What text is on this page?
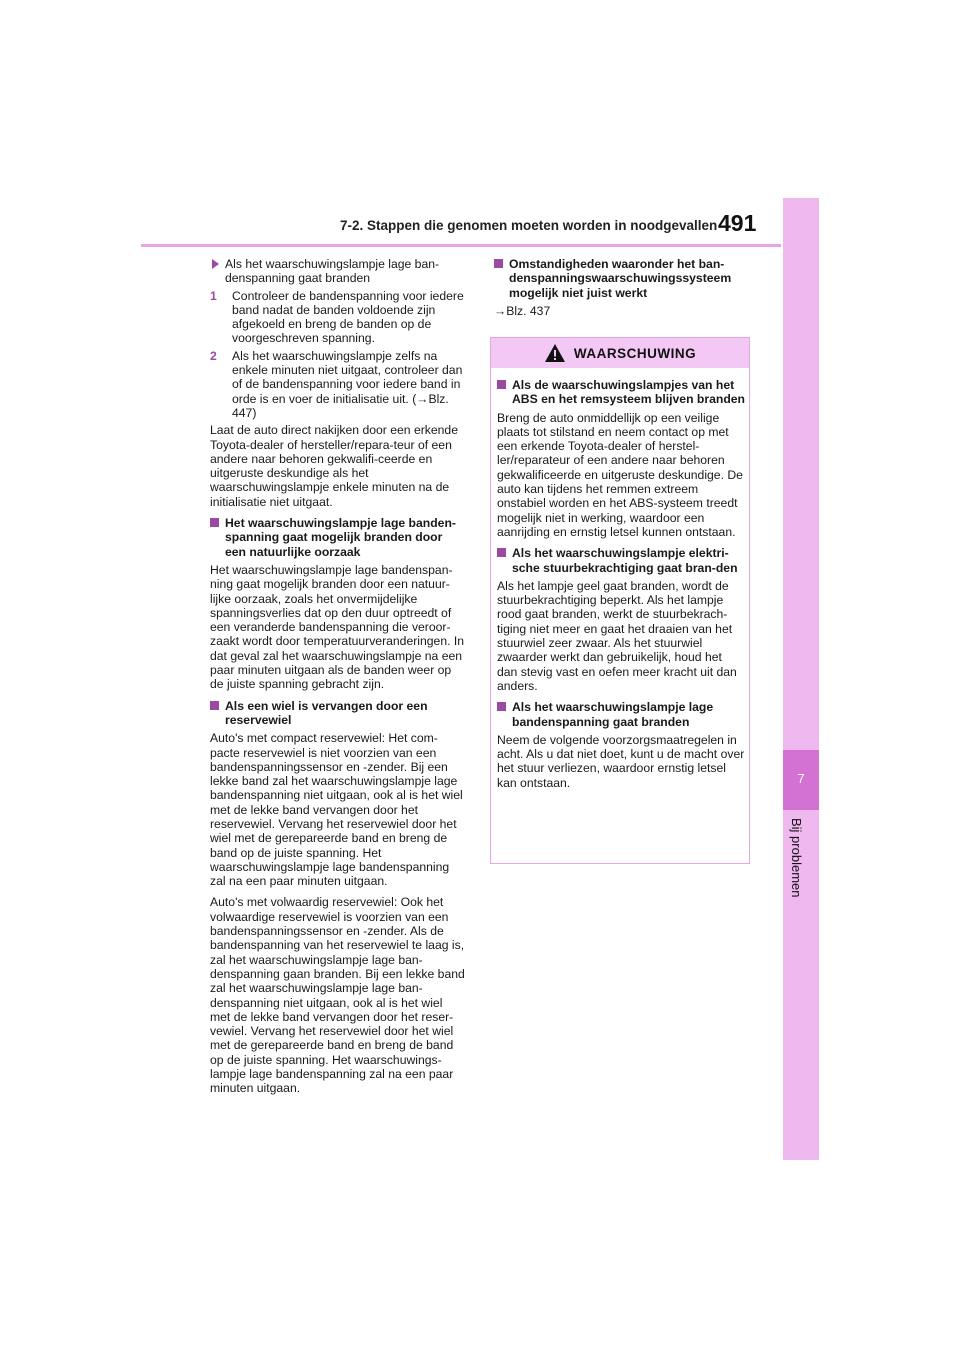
7-2. Stappen die genomen moeten worden in noodgevallen 491
7
Bij problemen
Als het waarschuwingslampje lage ban-denspanning gaat branden
1 Controleer de bandenspanning voor iedere band nadat de banden voldoende zijn afgekoeld en breng de banden op de voorgeschreven spanning.
2 Als het waarschuwingslampje zelfs na enkele minuten niet uitgaat, controleer dan of de bandenspanning voor iedere band in orde is en voer de initialisatie uit. (→Blz. 447)

Laat de auto direct nakijken door een erkende Toyota-dealer of hersteller/repara-teur of een andere naar behoren gekwalifi-ceerde en uitgeruste deskundige als het waarschuwingslampje enkele minuten na de initialisatie niet uitgaat.

Het waarschuwingslampje lage banden-spanning gaat mogelijk branden door een natuurlijke oorzaak

Het waarschuwingslampje lage bandenspan-ning gaat mogelijk branden door een natuur-lijke oorzaak, zoals het onvermijdelijke spanningsverlies dat op den duur optreedt of een veranderde bandenspanning die veroor-zaakt wordt door temperatuurveranderingen. In dat geval zal het waarschuwingslampje na een paar minuten uitgaan als de banden weer op de juiste spanning gebracht zijn.

Als een wiel is vervangen door een reservewiel

Auto's met compact reservewiel: Het com-pacte reservewiel is niet voorzien van een bandenspanningssensor en -zender. Bij een lekke band zal het waarschuwingslampje lage bandenspanning niet uitgaan, ook al is het wiel met de lekke band vervangen door het reservewiel. Vervang het reservewiel door het wiel met de gerepareerde band en breng de band op de juiste spanning. Het waarschuwingslampje lage bandenspanning zal na een paar minuten uitgaan.

Auto's met volwaardig reservewiel: Ook het volwaardige reservewiel is voorzien van een bandenspanningssensor en -zender. Als de bandenspanning van het reservewiel te laag is, zal het waarschuwingslampje lage ban-denspanning gaan branden. Bij een lekke band zal het waarschuwingslampje lage ban-denspanning niet uitgaan, ook al is het wiel met de lekke band vervangen door het reser-vewiel. Vervang het reservewiel door het wiel met de gerepareerde band en breng de band op de juiste spanning. Het waarschuwings-lampje lage bandenspanning zal na een paar minuten uitgaan.

Omstandigheden waaronder het ban-denspanningswaarschuwingssysteem mogelijk niet juist werkt
→Blz. 437
WAARSCHUWING
Als de waarschuwingslampjes van het ABS en het remsysteem blijven branden

Breng de auto onmiddellijk op een veilige plaats tot stilstand en neem contact op met een erkende Toyota-dealer of herstel-ler/reparateur of een andere naar behoren gekwalificeerde en uitgeruste deskundige. De auto kan tijdens het remmen extreem onstabiel worden en het ABS-systeem treedt mogelijk niet in werking, waardoor een aanrijding en ernstig letsel kunnen ontstaan.

Als het waarschuwingslampje elektri-sche stuurbekrachtiging gaat bran-den

Als het lampje geel gaat branden, wordt de stuurbekrachtiging beperkt. Als het lampje rood gaat branden, werkt de stuurbekrach-tiging niet meer en gaat het draaien van het stuurwiel zeer zwaar. Als het stuurwiel zwaarder werkt dan gebruikelijk, houd het dan stevig vast en oefen meer kracht uit dan anders.

Als het waarschuwingslampje lage bandenspanning gaat branden

Neem de volgende voorzorgsmaatregelen in acht. Als u dat niet doet, kunt u de macht over het stuur verliezen, waardoor ernstig letsel kan ontstaan.
